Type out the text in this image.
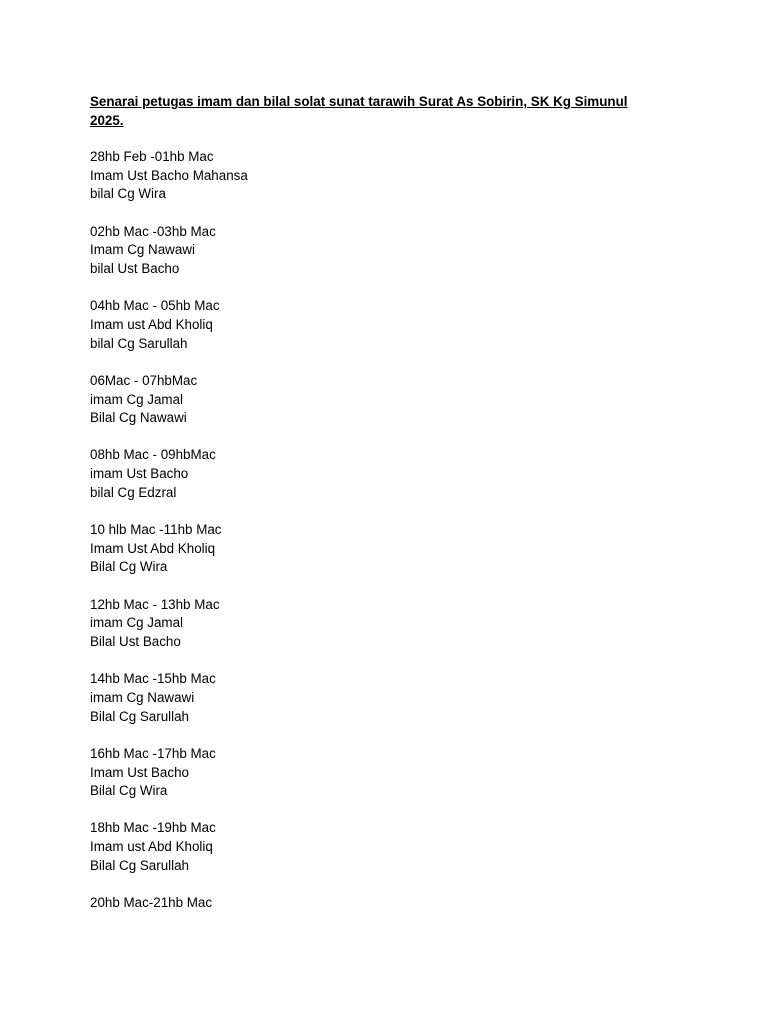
Senarai petugas imam dan bilal solat sunat tarawih Surat As Sobirin, SK Kg Simunul 2025.
28hb Feb -01hb Mac
Imam Ust Bacho Mahansa
bilal Cg Wira
02hb Mac -03hb Mac
Imam Cg Nawawi
bilal Ust Bacho
04hb Mac - 05hb Mac
Imam ust Abd Kholiq
bilal Cg Sarullah
06Mac - 07hbMac
imam Cg Jamal
Bilal Cg Nawawi
08hb Mac - 09hbMac
imam Ust Bacho
bilal Cg Edzral
10 hlb Mac -11hb Mac
Imam Ust Abd Kholiq
Bilal Cg Wira
12hb Mac - 13hb Mac
imam Cg Jamal
Bilal Ust Bacho
14hb Mac -15hb Mac
imam Cg Nawawi
Bilal Cg Sarullah
16hb Mac -17hb Mac
Imam Ust Bacho
Bilal Cg Wira
18hb Mac -19hb Mac
Imam ust Abd Kholiq
Bilal Cg Sarullah
20hb Mac-21hb Mac
